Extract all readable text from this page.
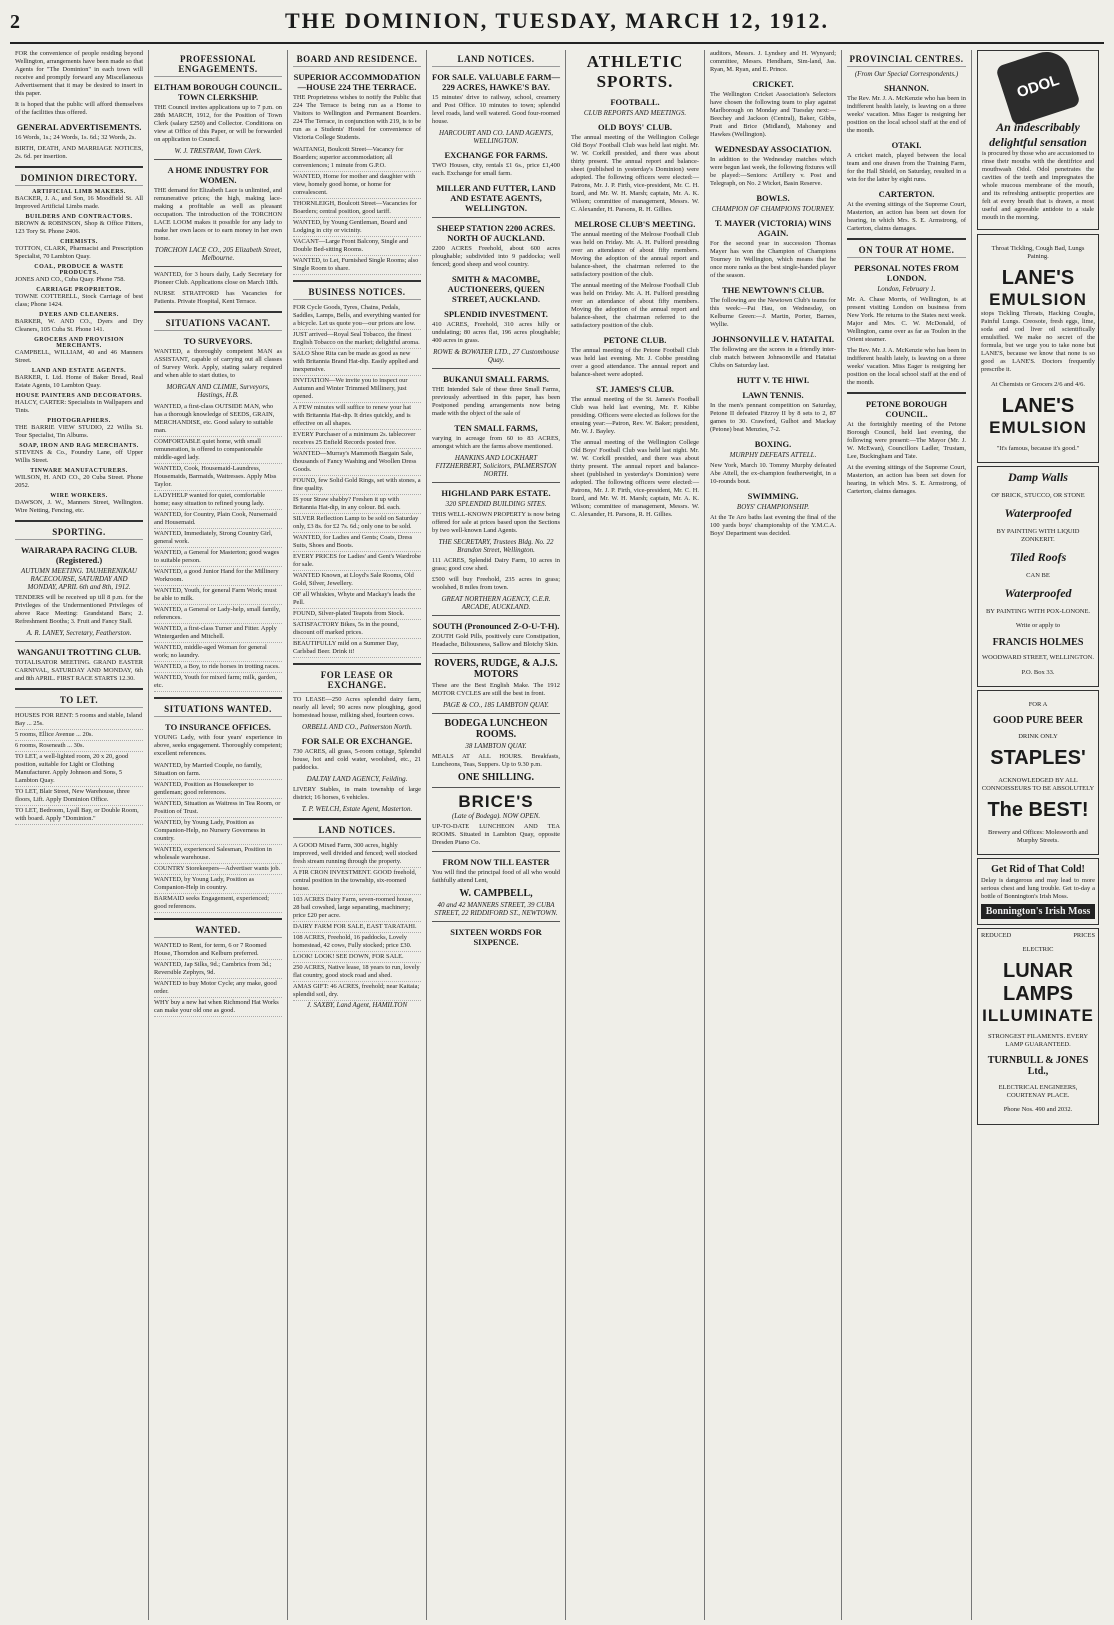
2	THE DOMINION, TUESDAY, MARCH 12, 1912.

FOR the convenience of people residing beyond Wellington, arrangements have been made so that Agents for "The Dominion" in each town will receive and promptly forward any Miscellaneous Advertisement that it may be desired to insert in this paper.

It is hoped that the public will afford themselves of the facilities thus offered.

GENERAL ADVERTISEMENTS.

16 Words, 1s.; 24 Words, 1s. 6d.; 32 Words, 2s.

BIRTH, DEATH, AND MARRIAGE NOTICES, 2s. 6d. per insertion.

DOMINION DIRECTORY.
ARTIFICIAL LIMB MAKERS.

BACKER, J. A., and Son, 16 Moodfield St. All Improved Artificial Limbs made.

BUILDERS AND CONTRACTORS.

BROWN & ROBINSON, Shop & Office Fitters, 123 Tory St. Phone 2406.

CHEMISTS.

TOTTON, CLARK, Pharmacist and Prescription Specialist, 70 Lambton Quay.

COAL, PRODUCE & WASTE PRODUCTS.

JONES AND CO., Cuba Quay. Phone 758.

CARRIAGE PROPRIETOR.

TOWNE COTTERELL, Stock Carriage of best class; Phone 1424.

DYERS AND CLEANERS.

BARKER, W. AND CO., Dyers and Dry Cleaners, 105 Cuba St. Phone 141.

GROCERS AND PROVISION MERCHANTS.

CAMPBELL, WILLIAM, 40 and 46 Manners Street.

LAND AND ESTATE AGENTS.

BARKER, I. Ltd. Home of Baker Bread, Real Estate Agents, 10 Lambton Quay.

HOUSE PAINTERS AND DECORATORS.

HALCY, CARTER: Specialists in Wallpapers and Tints.

PHOTOGRAPHERS.

THE BARRIE VIEW STUDIO, 22 Willis St. Tour Specialist, Tin Albums.

SOAP, IRON AND RAG MERCHANTS.

STEVENS & Co., Foundry Lane, off Upper Willis Street.

TINWARE MANUFACTURERS.

WILSON, H. AND CO., 20 Cuba Street. Phone 2052.

WIRE WORKERS.

DAWSON, J. W., Manners Street, Wellington. Wire Netting, Fencing, etc.

SPORTING.
WAIRARAPA RACING CLUB. (Registered.)

AUTUMN MEETING. TAUHERENIKAU RACECOURSE, SATURDAY AND MONDAY, APRIL 6th and 8th, 1912.

TENDERS will be received up till 8 p.m. for the Privileges of the Undermentioned Privileges of above Race Meeting: Grandstand Bars; 2. Refreshment Booths; 3. Fruit and Fancy Stall.

A. R. LANEY, Secretary, Featherston.

WANGANUI TROTTING CLUB.

TOTALISATOR MEETING. GRAND EASTER CARNIVAL, SATURDAY AND MONDAY, 6th and 8th APRIL. FIRST RACE STARTS 12.30.

TO LET.
HOUSES FOR RENT: 5 rooms and stable, Island Bay ... 25s.
5 rooms, Ellice Avenue ... 20s.
6 rooms, Roseneath ... 30s.
TO LET, a well-lighted room, 20 x 20, good position, suitable for Light or Clothing Manufacturer. Apply Johnson and Sons, 5 Lambton Quay.
TO LET, Blair Street, New Warehouse, three floors, Lift. Apply Dominion Office.
TO LET, Bedroom, Lyall Bay, or Double Room, with board. Apply "Dominion."
PROFESSIONAL ENGAGEMENTS.
ELTHAM BOROUGH COUNCIL. TOWN CLERKSHIP.

THE Council invites applications up to 7 p.m. on 28th MARCH, 1912, for the Position of Town Clerk (salary £250) and Collector. Conditions on view at Office of this Paper, or will be forwarded on application to Council.

W. J. TRESTRAM, Town Clerk.

A HOME INDUSTRY FOR WOMEN.

THE demand for Elizabeth Lace is unlimited, and remunerative prices; the high, making lace-making a profitable as well as pleasant occupation. The introduction of the TORCHON LACE LOOM makes it possible for any lady to make her own laces or to earn money in her own home.

TORCHON LACE CO., 205 Elizabeth Street, Melbourne.

WANTED, for 3 hours daily, Lady Secretary for Pioneer Club. Applications close on March 18th.

NURSE STRATFORD has Vacancies for Patients. Private Hospital, Kent Terrace.

SITUATIONS VACANT.
TO SURVEYORS.

WANTED, a thoroughly competent MAN as ASSISTANT, capable of carrying out all classes of Survey Work. Apply, stating salary required and when able to start duties, to

MORGAN AND CLIMIE, Surveyors, Hastings, H.B.

WANTED, a first-class OUTSIDE MAN, who has a thorough knowledge of SEEDS, GRAIN, MERCHANDISE, etc. Good salary to suitable man.
COMFORTABLE quiet home, with small remuneration, is offered to companionable middle-aged lady.
WANTED, Cook, Housemaid-Laundress, Housemaids, Barmaids, Waitresses. Apply Miss Taylor.
LADYHELP wanted for quiet, comfortable home; easy situation to refined young lady.
WANTED, for Country, Plain Cook, Nursemaid and Housemaid.
WANTED, Immediately, Strong Country Girl, general work.
WANTED, a General for Masterton; good wages to suitable person.
WANTED, a good Junior Hand for the Millinery Workroom.
WANTED, Youth, for general Farm Work; must be able to milk.
WANTED, a General or Lady-help, small family, references.
WANTED, a first-class Turner and Fitter. Apply Wintergarden and Mitchell.
WANTED, middle-aged Woman for general work; no laundry.
WANTED, a Boy, to ride horses in trotting races.
WANTED, Youth for mixed farm; milk, garden, etc.
SITUATIONS WANTED.
TO INSURANCE OFFICES.

YOUNG Lady, with four years' experience in above, seeks engagement. Thoroughly competent; excellent references.

WANTED, by Married Couple, no family, Situation on farm.
WANTED, Position as Housekeeper to gentleman; good references.
WANTED, Situation as Waitress in Tea Room, or Position of Trust.
WANTED, by Young Lady, Position as Companion-Help, no Nursery Governess in country.
WANTED, experienced Salesman, Position in wholesale warehouse.
COUNTRY Storekeepers—Advertiser wants job.
WANTED, by Young Lady, Position as Companion-Help in country.
BARMAID seeks Engagement, experienced; good references.
WANTED.
WANTED to Rent, for term, 6 or 7 Roomed House, Thorndon and Kelburn preferred.
WANTED, Jap Silks, 9d.; Cambrics from 3d.; Reversible Zephyrs, 9d.
WANTED to buy Motor Cycle; any make, good order.
WHY buy a new hat when Richmond Hat Works can make your old one as good.
BOARD AND RESIDENCE.
SUPERIOR ACCOMMODATION—HOUSE 224 THE TERRACE.

THE Proprietress wishes to notify the Public that 224 The Terrace is being run as a Home to Visitors to Wellington and Permanent Boarders. 224 The Terrace, in conjunction with 219, is to be run as a Students' Hostel for convenience of Victoria College Students.

WAITANGI, Boulcott Street—Vacancy for Boarders; superior accommodation; all conveniences; 1 minute from G.P.O.
WANTED, Home for mother and daughter with view, homely good home, or home for convalescent.
THORNLEIGH, Boulcott Street—Vacancies for Boarders; central position, good tariff.
WANTED, by Young Gentleman, Board and Lodging in city or vicinity.
VACANT—Large Front Balcony, Single and Double Bed-sitting Rooms.
WANTED, to Let, Furnished Single Rooms; also Single Room to share.
BUSINESS NOTICES.
FOR Cycle Goods, Tyres, Chains, Pedals, Saddles, Lamps, Bells, and everything wanted for a bicycle. Let us quote you—our prices are low.
JUST arrived—Royal Seal Tobacco, the finest English Tobacco on the market; delightful aroma.
SALO Shoe Rita can be made as good as new with Britannia Brand Hat-dip. Easily applied and inexpensive.
INVITATION—We invite you to inspect our Autumn and Winter Trimmed Millinery, just opened.
A FEW minutes will suffice to renew your hat with Britannia Hat-dip. It dries quickly, and is effective on all shapes.
EVERY Purchaser of a minimum 2s. tablecover receives 25 Enfield Records posted free.
WANTED—Murray's Mammoth Bargain Sale, thousands of Fancy Washing and Woollen Dress Goods.
FOUND, few Solid Gold Rings, set with stones, a fine quality.
IS your Straw shabby? Freshen it up with Britannia Hat-dip, in any colour. 8d. each.
SILVER Reflection Lamp to be sold on Saturday only, £3 8s. for £2 7s. 6d.; only one to be sold.
WANTED, for Ladies and Gents; Coats, Dress Suits, Shoes and Boots.
EVERY PRICES for Ladies' and Gent's Wardrobe for sale.
WANTED Known, at Lloyd's Sale Rooms, Old Gold, Silver, Jewellery.
OF all Whiskies, Whyte and Mackay's leads the Pell.
FOUND, Silver-plated Teapots from Stock.
SATISFACTORY Bikes, 5s in the pound, discount off marked prices.
BEAUTIFULLY mild on a Summer Day, Carlsbad Beer. Drink it!
FOR LEASE OR EXCHANGE.

TO LEASE—250 Acres splendid dairy farm, nearly all level; 90 acres now ploughing, good homestead house, milking shed, fourteen cows.

ORBELL AND CO., Palmerston North.

FOR SALE OR EXCHANGE.

730 ACRES, all grass, 5-room cottage, Splendid house, hot and cold water, woolshed, etc., 21 paddocks.

DALTAY LAND AGENCY, Feilding.

LIVERY Stables, in main township of large district; 16 horses, 6 vehicles.

T. P. WELCH, Estate Agent, Masterton.

LAND NOTICES.
A GOOD Mixed Farm, 300 acres, highly improved, well divided and fenced; well stocked fresh stream running through the property.
A FIR CRON INVESTMENT. GOOD freehold, central position in the township, six-roomed house.
103 ACRES Dairy Farm, seven-roomed house, 28 bail cowshed, large separating, machinery; price £20 per acre.
DAIRY FARM FOR SALE, EAST TARATAHI.
108 ACRES, Freehold, 16 paddocks, Lovely homestead, 42 cows, Fully stocked; price £30.
LOOK! LOOK! SEE DOWN, FOR SALE.
250 ACRES, Native lease, 18 years to run, lovely flat country, good stock road and shed.
AMAS GIFT: 46 ACRES, freehold; near Kaitaia; splendid soil, dry.

J. SAXBY, Land Agent, HAMILTON

LAND NOTICES.
FOR SALE. VALUABLE FARM—229 ACRES, HAWKE'S BAY.

15 minutes' drive to railway, school, creamery and Post Office. 10 minutes to town; splendid level roads, land well watered. Good four-roomed house.

HARCOURT AND CO. LAND AGENTS, WELLINGTON.

EXCHANGE FOR FARMS.

TWO Houses, city, rentals £1 6s., price £1,400 each. Exchange for small farm.

MILLER AND FUTTER, LAND AND ESTATE AGENTS, WELLINGTON.
SHEEP STATION 2200 ACRES. NORTH OF AUCKLAND.

2200 ACRES Freehold, about 600 acres ploughable; subdivided into 9 paddocks; well fenced; good sheep and wool country.

SMITH & MACOMBE, AUCTIONEERS, QUEEN STREET, AUCKLAND.
SPLENDID INVESTMENT.

410 ACRES, Freehold, 310 acres hilly or undulating; 80 acres flat, 196 acres ploughable; 400 acres in grass.

ROWE & BOWATER LTD., 27 Customhouse Quay.

BUKANUI SMALL FARMS.

THE Intended Sale of these three Small Farms, previously advertised in this paper, has been Postponed pending arrangements now being made with the object of the sale of

TEN SMALL FARMS,

varying in acreage from 60 to 83 ACRES, amongst which are the farms above mentioned.

HANKINS AND LOCKHART FITZHERBERT, Solicitors, PALMERSTON NORTH.

HIGHLAND PARK ESTATE.

320 SPLENDID BUILDING SITES.

THIS WELL-KNOWN PROPERTY is now being offered for sale at prices based upon the Sections by two well-known Land Agents.

THE SECRETARY, Trustees Bldg. No. 22 Brandon Street, Wellington.

111 ACRES, Splendid Dairy Farm, 10 acres in grass; good cow shed.

£500 will buy Freehold, 235 acres in grass; woolshed, 8 miles from town.

GREAT NORTHERN AGENCY, C.E.R. ARCADE, AUCKLAND.

SOUTH (Pronounced Z-O-U-T-H).

ZOUTH Gold Pills, positively cure Constipation, Headache, Biliousness, Sallow and Blotchy Skin.

ROVERS, RUDGE, & A.J.S. MOTORS

These are the Best English Make. The 1912 MOTOR CYCLES are still the best in front.

PAGE & CO., 185 LAMBTON QUAY.

BODEGA LUNCHEON ROOMS.

38 LAMBTON QUAY.

MEALS AT ALL HOURS. Breakfasts, Luncheons, Teas, Suppers. Up to 9.30 p.m.

ONE SHILLING.
BRICE'S

(Late of Bodega). NOW OPEN.

UP-TO-DATE LUNCHEON AND TEA ROOMS. Situated in Lambton Quay, opposite Dresden Piano Co.

FROM NOW TILL EASTER

You will find the principal food of all who would faithfully attend Lent,

W. CAMPBELL,

40 and 42 MANNERS STREET, 39 CUBA STREET, 22 RIDDIFORD ST., NEWTOWN.

SIXTEEN WORDS FOR SIXPENCE.
ATHLETIC SPORTS.
FOOTBALL.

CLUB REPORTS AND MEETINGS.

OLD BOYS' CLUB.

The annual meeting of the Wellington College Old Boys' Football Club was held last night. Mr. W. W. Corkill presided, and there was about thirty present. The annual report and balance-sheet (published in yesterday's Dominion) were adopted. The following officers were elected:—Patrons, Mr. J. P. Firth, vice-president, Mr. C. H. Izard, and Mr. W. H. Marsh; captain, Mr. A. K. Wilson; committee of management, Messrs. W. C. Alexander, H. Parsons, R. H. Gillies.

MELROSE CLUB'S MEETING.

The annual meeting of the Melrose Football Club was held on Friday. Mr. A. H. Fulford presiding over an attendance of about fifty members. Moving the adoption of the annual report and balance-sheet, the chairman referred to the satisfactory position of the club.

The annual meeting of the Melrose Football Club was held on Friday. Mr. A. H. Fulford presiding over an attendance of about fifty members. Moving the adoption of the annual report and balance-sheet, the chairman referred to the satisfactory position of the club.

PETONE CLUB.

The annual meeting of the Petone Football Club was held last evening. Mr. J. Cobbe presiding over a good attendance. The annual report and balance-sheet were adopted.

ST. JAMES'S CLUB.

The annual meeting of the St. James's Football Club was held last evening, Mr. F. Kibbe presiding. Officers were elected as follows for the ensuing year:—Patron, Rev. W. Baker; president, Mr. W. J. Bayley.

The annual meeting of the Wellington College Old Boys' Football Club was held last night. Mr. W. W. Corkill presided, and there was about thirty present. The annual report and balance-sheet (published in yesterday's Dominion) were adopted. The following officers were elected:—Patrons, Mr. J. P. Firth, vice-president, Mr. C. H. Izard, and Mr. W. H. Marsh; captain, Mr. A. K. Wilson; committee of management, Messrs. W. C. Alexander, H. Parsons, R. H. Gillies.

auditors, Messrs. J. Lyndsey and H. Wynyard; committee, Messrs. Hendham, Sim-land, Jas. Ryan, M. Ryan, and E. Prince.

CRICKET.

The Wellington Cricket Association's Selectors have chosen the following team to play against Marlborough on Monday and Tuesday next:—Beechey and Jackson (Central), Baker, Gibbs, Pratt and Brice (Midland), Mahoney and Hawkes (Wellington).

WEDNESDAY ASSOCIATION.

In addition to the Wednesday matches which were begun last week, the following fixtures will be played:—Seniors: Artillery v. Post and Telegraph, on No. 2 Wicket, Basin Reserve.

BOWLS.

CHAMPION OF CHAMPIONS TOURNEY.

T. MAYER (VICTORIA) WINS AGAIN.

For the second year in succession Thomas Mayer has won the Champion of Champions Tourney in Wellington, which means that he once more ranks as the best single-handed player of the season.

THE NEWTOWN'S CLUB.

The following are the Newtown Club's teams for this week:—Pai Hau, on Wednesday, on Kelburne Green:—J. Martin, Porter, Barnes, Wyllie.

JOHNSONVILLE V. HATAITAI.

The following are the scores in a friendly inter-club match between Johnsonville and Hataitai Clubs on Saturday last.

HUTT V. TE HIWI.
LAWN TENNIS.

In the men's pennant competition on Saturday, Petone II defeated Fitzroy II by 8 sets to 2, 87 games to 30. Crawford, Gulhot and Mackay (Petone) beat Menzies, 7-2.

BOXING.

MURPHY DEFEATS ATTELL.

New York, March 10. Tommy Murphy defeated Abe Attell, the ex-champion featherweight, in a 10-rounds bout.

SWIMMING.

BOYS' CHAMPIONSHIP.

At the Te Aro baths last evening the final of the 100 yards boys' championship of the Y.M.C.A. Boys' Department was decided.

PROVINCIAL CENTRES.

(From Our Special Correspondents.)

SHANNON.

The Rev. Mr. J. A. McKenzie who has been in indifferent health lately, is leaving on a three weeks' vacation. Miss Eager is resigning her position on the local school staff at the end of the month.

OTAKI.

A cricket match, played between the local team and one drawn from the Training Farm, for the Hall Shield, on Saturday, resulted in a win for the latter by eight runs.

CARTERTON.

At the evening sittings of the Supreme Court, Masterton, an action has been set down for hearing, in which Mrs. S. E. Armstrong, of Carterton, claims damages.

ON TOUR AT HOME.
PERSONAL NOTES FROM LONDON.

London, February 1.

Mr. A. Chase Morris, of Wellington, is at present visiting London on business from New York. He returns to the States next week. Major and Mrs. C. W. McDonald, of Wellington, came over as far as Toulon in the Orient steamer.

The Rev. Mr. J. A. McKenzie who has been in indifferent health lately, is leaving on a three weeks' vacation. Miss Eager is resigning her position on the local school staff at the end of the month.

PETONE BOROUGH COUNCIL.

At the fortnightly meeting of the Petone Borough Council, held last evening, the following were present:—The Mayor (Mr. J. W. McEwan), Councillors Ladler, Trustam, Lee, Buckingham and Tate.

At the evening sittings of the Supreme Court, Masterton, an action has been set down for hearing, in which Mrs. S. E. Armstrong, of Carterton, claims damages.

ODOL
An indescribably delightful sensation

is procured by those who are accustomed to rinse their mouths with the dentifrice and mouthwash Odol. Odol penetrates the cavities of the teeth and impregnates the whole mucous membrane of the mouth, and its refreshing antiseptic properties are felt at every breath that is drawn, a most useful and agreeable antidote to a stale mouth in the morning.

Throat Tickling, Cough Bad, Lungs Paining.

LANE'S
EMULSION

stops Tickling Throats, Hacking Coughs, Painful Lungs. Creosote, fresh eggs, lime, soda and cod liver oil scientifically emulsified. We make no secret of the formula, but we urge you to take none but LANE'S, because we know that none is so good as LANE'S. Doctors frequently prescribe it.

At Chemists or Grocers 2/6 and 4/6.

LANE'S
EMULSION

"It's famous, because it's good."

Damp Walls

OF BRICK, STUCCO, OR STONE

Waterproofed

BY PAINTING WITH LIQUID ZONKERIT.

Tiled Roofs

CAN BE

Waterproofed

BY PAINTING WITH POX-LONONE.

Write or apply to

FRANCIS HOLMES

WOODWARD STREET, WELLINGTON.

P.O. Box 33.

FOR A

GOOD PURE BEER

DRINK ONLY

STAPLES'

ACKNOWLEDGED BY ALL CONNOISSEURS TO BE ABSOLUTELY

The BEST!

Brewery and Offices: Molesworth and Murphy Streets.

Get Rid of That Cold!

Delay is dangerous and may lead to more serious chest and lung trouble. Get to-day a bottle of Bonnington's Irish Moss.

Bonnington's Irish Moss
REDUCED	PRICES

ELECTRIC

LUNAR
LAMPS
ILLUMINATE

STRONGEST FILAMENTS. EVERY LAMP GUARANTEED.

TURNBULL & JONES Ltd.,

ELECTRICAL ENGINEERS, COURTENAY PLACE.

Phone Nos. 490 and 2032.
